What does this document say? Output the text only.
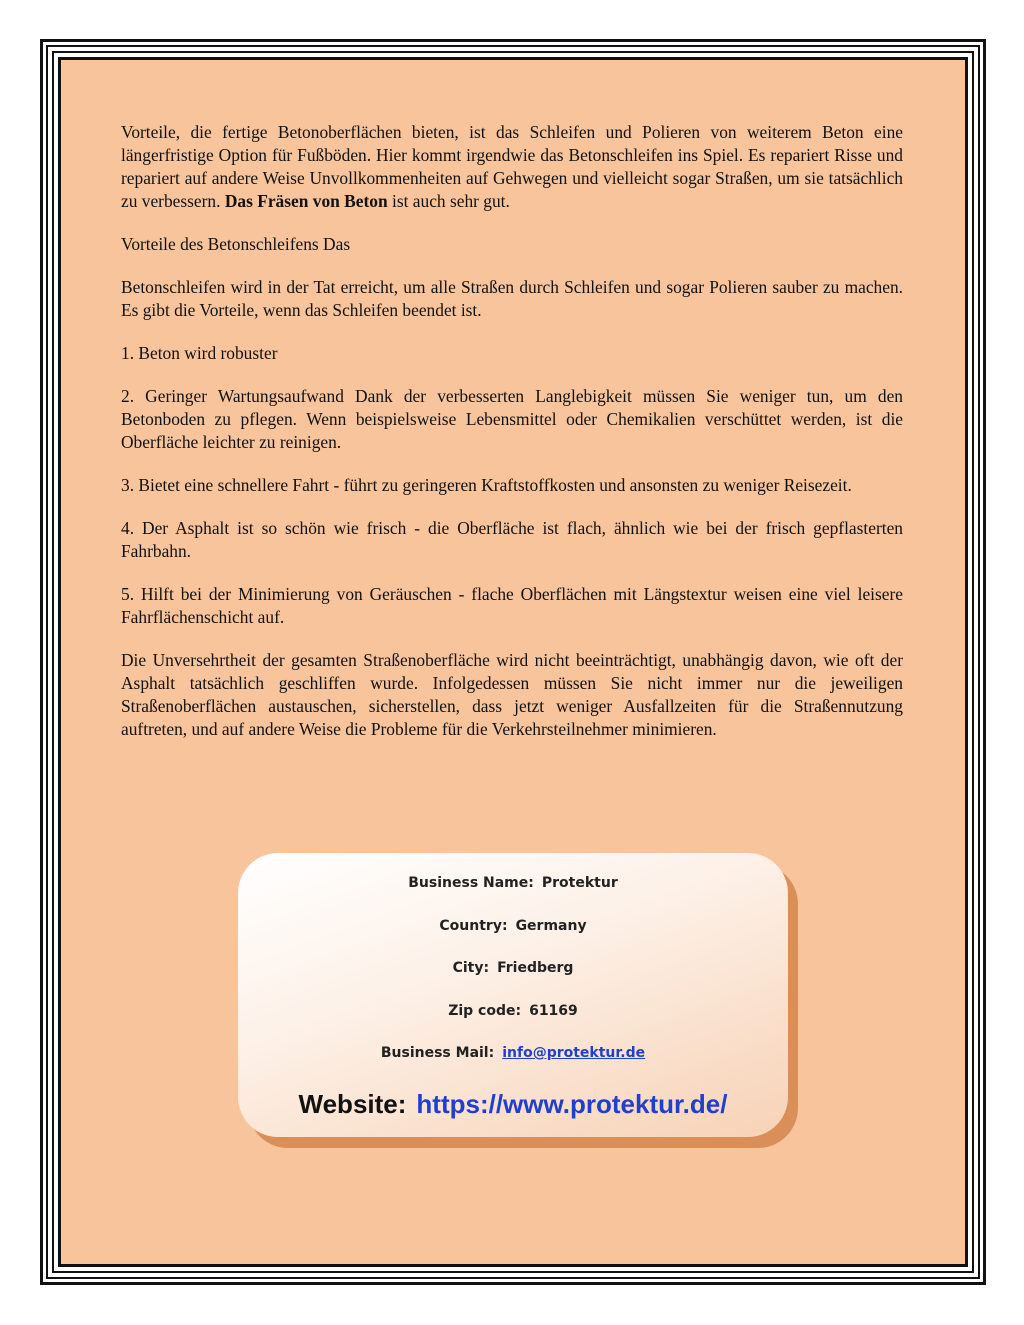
Vorteile, die fertige Betonoberflächen bieten, ist das Schleifen und Polieren von weiterem Beton eine längerfristige Option für Fußböden. Hier kommt irgendwie das Betonschleifen ins Spiel. Es repariert Risse und repariert auf andere Weise Unvollkommenheiten auf Gehwegen und vielleicht sogar Straßen, um sie tatsächlich zu verbessern. Das Fräsen von Beton ist auch sehr gut.

Vorteile des Betonschleifens Das

Betonschleifen wird in der Tat erreicht, um alle Straßen durch Schleifen und sogar Polieren sauber zu machen. Es gibt die Vorteile, wenn das Schleifen beendet ist.

1. Beton wird robuster

2. Geringer Wartungsaufwand Dank der verbesserten Langlebigkeit müssen Sie weniger tun, um den Betonboden zu pflegen. Wenn beispielsweise Lebensmittel oder Chemikalien verschüttet werden, ist die Oberfläche leichter zu reinigen.

3. Bietet eine schnellere Fahrt - führt zu geringeren Kraftstoffkosten und ansonsten zu weniger Reisezeit.

4. Der Asphalt ist so schön wie frisch - die Oberfläche ist flach, ähnlich wie bei der frisch gepflasterten Fahrbahn.

5. Hilft bei der Minimierung von Geräuschen - flache Oberflächen mit Längstextur weisen eine viel leisere Fahrflächenschicht auf.

Die Unversehrtheit der gesamten Straßenoberfläche wird nicht beeinträchtigt, unabhängig davon, wie oft der Asphalt tatsächlich geschliffen wurde. Infolgedessen müssen Sie nicht immer nur die jeweiligen Straßenoberflächen austauschen, sicherstellen, dass jetzt weniger Ausfallzeiten für die Straßennutzung auftreten, und auf andere Weise die Probleme für die Verkehrsteilnehmer minimieren.

Business Name: Protektur
Country: Germany
City: Friedberg
Zip code: 61169
Business Mail: info@protektur.de
Website: https://www.protektur.de/
